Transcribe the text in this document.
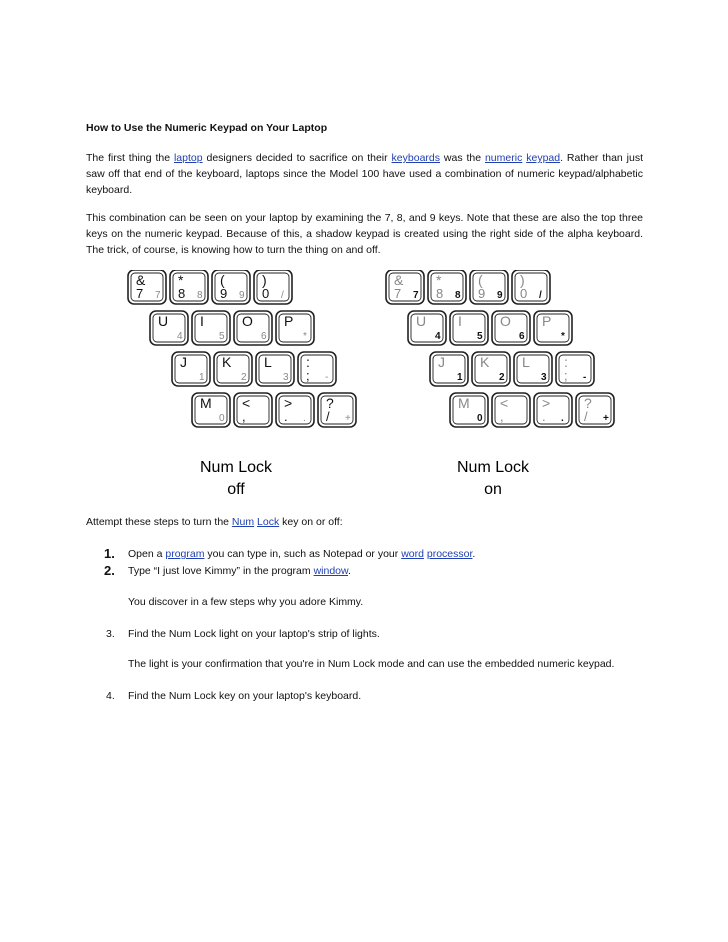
How to Use the Numeric Keypad on Your Laptop

The first thing the laptop designers decided to sacrifice on their keyboards was the numeric keypad. Rather than just saw off that end of the keyboard, laptops since the Model 100 have used a combination of numeric keypad/alphabetic keyboard.

This combination can be seen on your laptop by examining the 7, 8, and 9 keys. Note that these are also the top three keys on the numeric keypad. Because of this, a shadow keypad is created using the right side of the alpha keyboard. The trick, of course, is knowing how to turn the thing on and off.

&
7 7
*
8 8
(
9 9
)
0 /
U
4
I
5
O
6
P
*
J
1
K
2
L
3
:
; -
M
0
<
,
>
. .
?
/ +
&
7 7
*
8 8
(
9 9
)
0 /
U
4
I
5
O
6
P
*
J
1
K
2
L
3
:
; -
M
0
<
,
>
. .
?
/ +
Num Lock
off
Num Lock
on

Attempt these steps to turn the Num Lock key on or off:

1. Open a program you can type in, such as Notepad or your word processor.
2. Type “I just love Kimmy” in the program window.
You discover in a few steps why you adore Kimmy.
3. Find the Num Lock light on your laptop's strip of lights.
The light is your confirmation that you're in Num Lock mode and can use the embedded numeric keypad.
4. Find the Num Lock key on your laptop's keyboard.
